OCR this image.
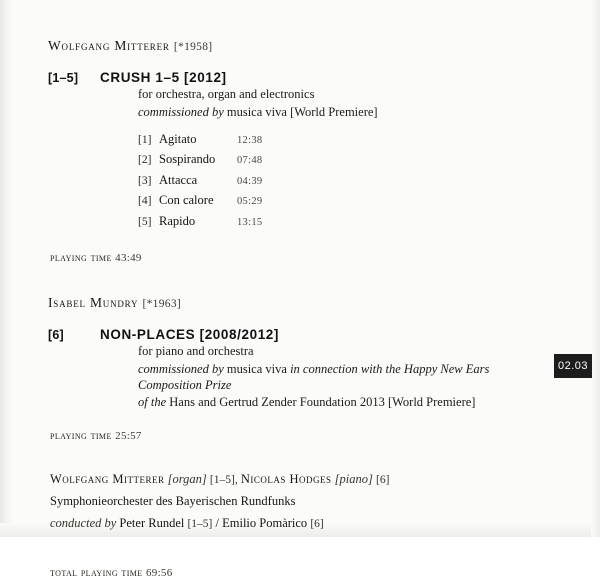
Wolfgang Mitterer [*1958]
[1–5]	CRUSH 1–5 [2012]
for orchestra, organ and electronics
commissioned by musica viva [World Premiere]
[1] Agitato	12:38
[2] Sospirando	07:48
[3] Attacca	04:39
[4] Con calore	05:29
[5] Rapido	13:15
playing time 43:49
Isabel Mundry [*1963]
[6]	NON-PLACES [2008/2012]
for piano and orchestra
commissioned by musica viva in connection with the Happy New Ears Composition Prize
of the Hans and Gertrud Zender Foundation 2013 [World Premiere]
playing time 25:57
Wolfgang Mitterer [organ] [1–5], Nicolas Hodges [piano] [6]
Symphonieorchester des Bayerischen Rundfunks
conducted by Peter Rundel [1–5] / Emilio Pomàrico [6]
total playing time 69:56
02.03
